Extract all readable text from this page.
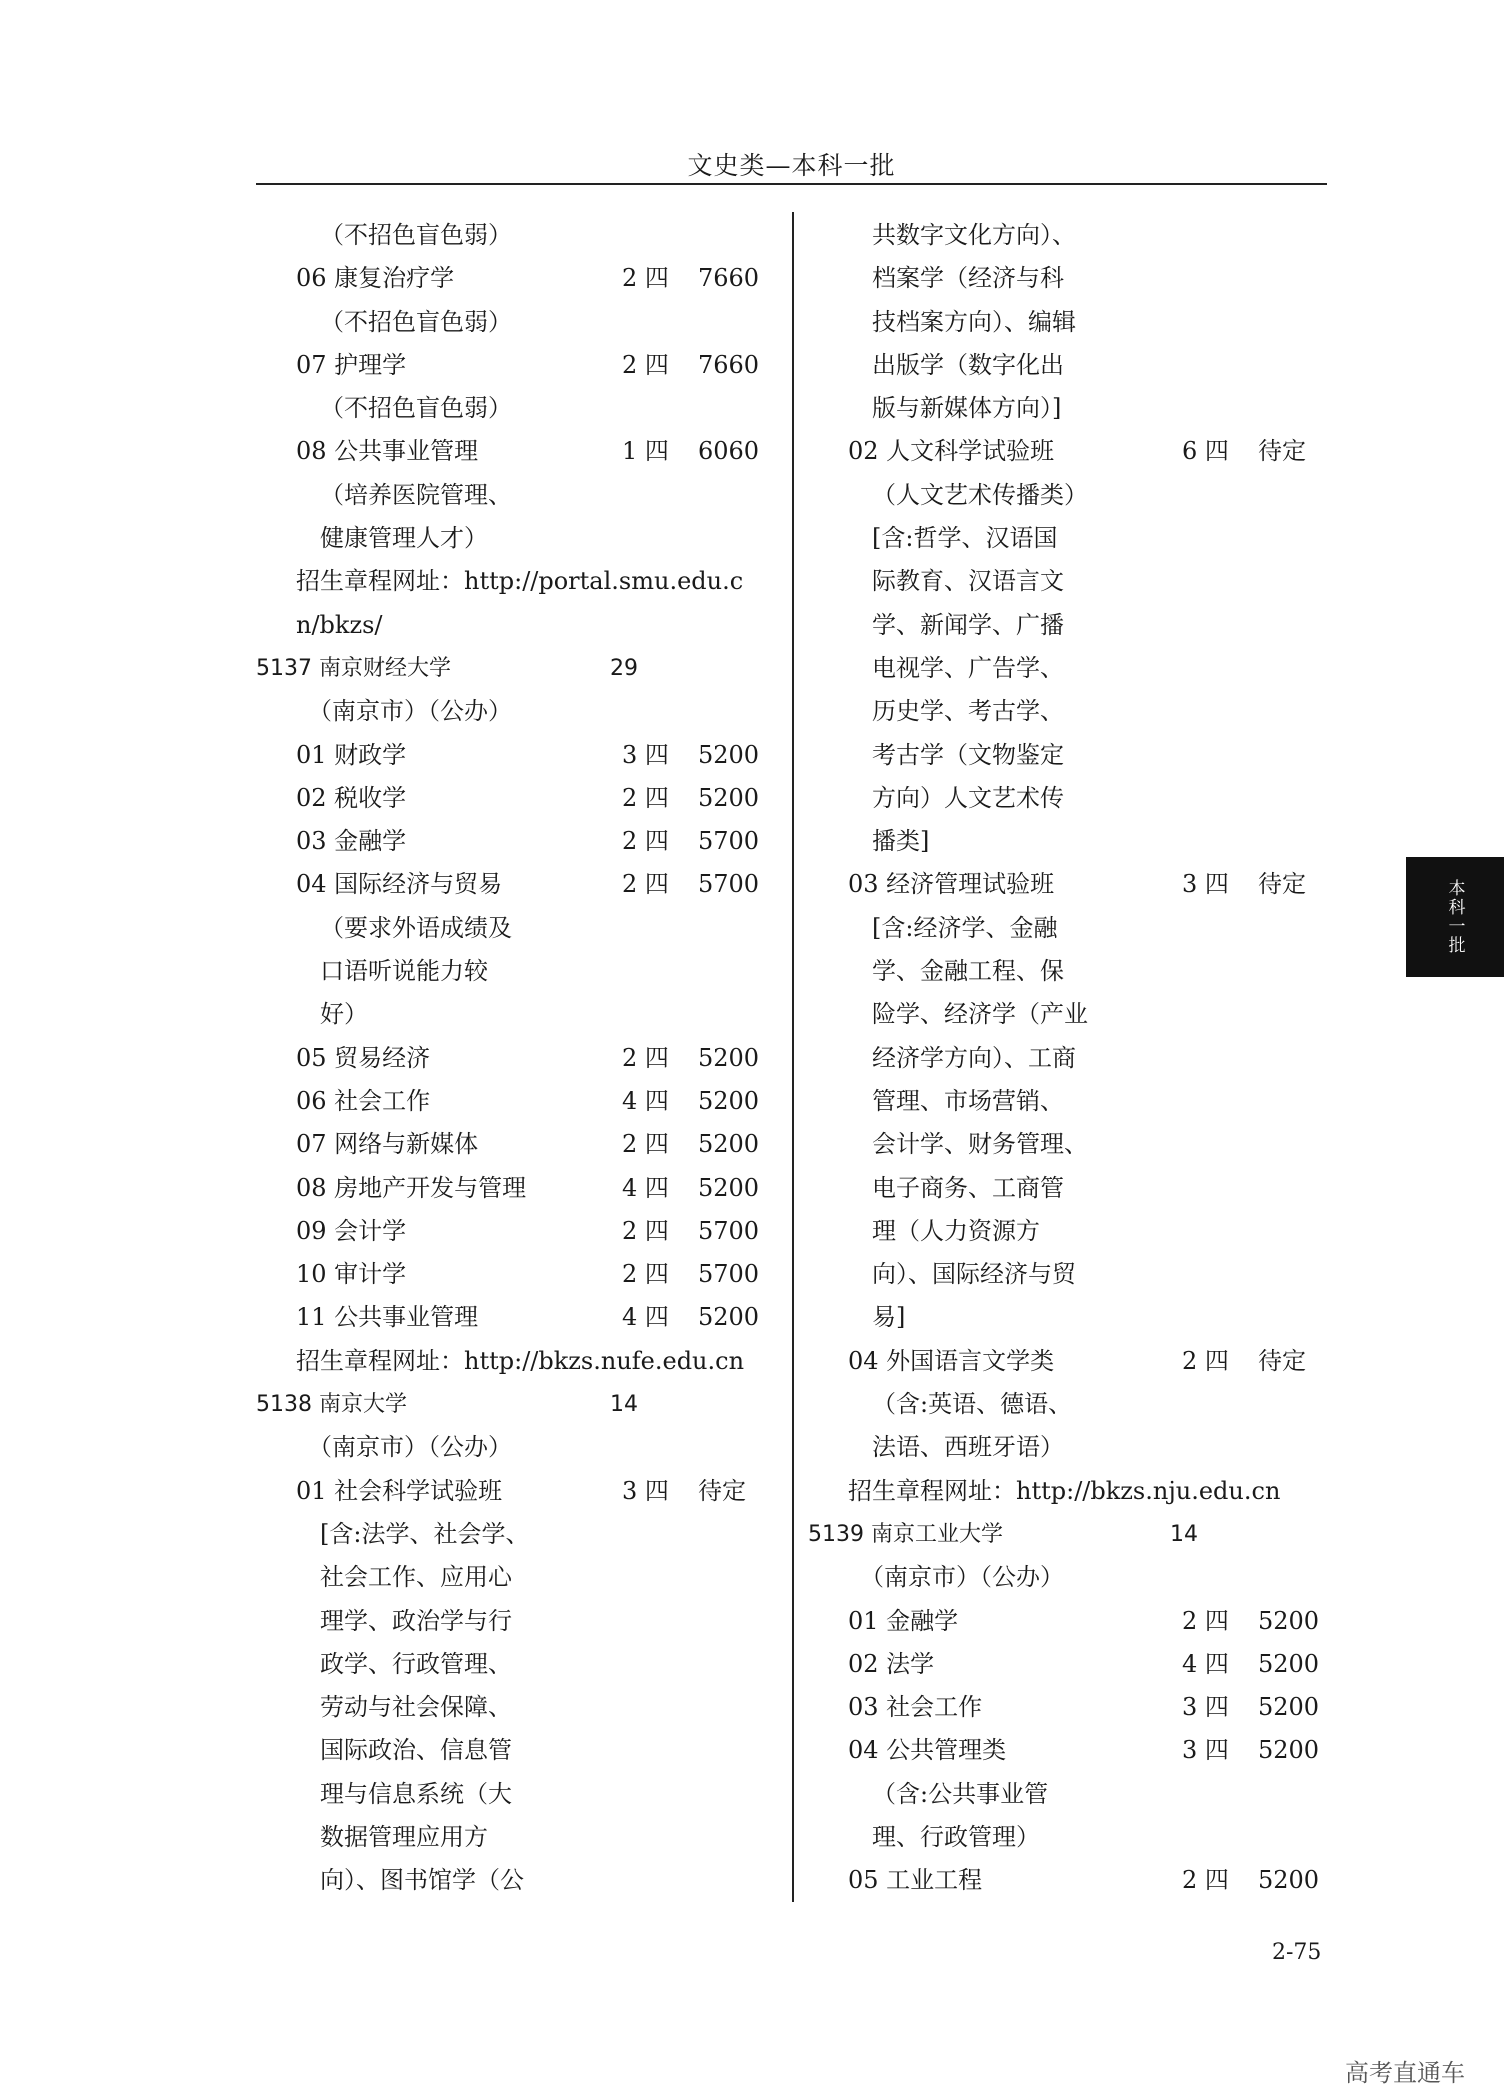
文史类—本科一批
（不招色盲色弱）
06 康复治疗学	2 四 7660
（不招色盲色弱）
07 护理学	2 四 7660
（不招色盲色弱）
08 公共事业管理	1 四 6060
（培养医院管理、
健康管理人才）
招生章程网址：http://portal.smu.edu.c
n/bkzs/
5137 南京财经大学	29
（南京市）（公办）
01 财政学	3 四 5200
02 税收学	2 四 5200
03 金融学	2 四 5700
04 国际经济与贸易	2 四 5700
（要求外语成绩及
口语听说能力较
好）
05 贸易经济	2 四 5200
06 社会工作	4 四 5200
07 网络与新媒体	2 四 5200
08 房地产开发与管理	4 四 5200
09 会计学	2 四 5700
10 审计学	2 四 5700
11 公共事业管理	4 四 5200
招生章程网址：http://bkzs.nufe.edu.cn
5138 南京大学	14
（南京市）（公办）
01 社会科学试验班	3 四 待定
[含:法学、社会学、
社会工作、应用心
理学、政治学与行
政学、行政管理、
劳动与社会保障、
国际政治、信息管
理与信息系统（大
数据管理应用方
向）、图书馆学（公
共数字文化方向）、
档案学（经济与科
技档案方向）、编辑
出版学（数字化出
版与新媒体方向）]
02 人文科学试验班	6 四 待定
（人文艺术传播类）
[含:哲学、汉语国
际教育、汉语言文
学、新闻学、广播
电视学、广告学、
历史学、考古学、
考古学（文物鉴定
方向）人文艺术传
播类]
03 经济管理试验班	3 四 待定
[含:经济学、金融
学、金融工程、保
险学、经济学（产业
经济学方向）、工商
管理、市场营销、
会计学、财务管理、
电子商务、工商管
理（人力资源方
向）、国际经济与贸
易]
04 外国语言文学类	2 四 待定
（含:英语、德语、
法语、西班牙语）
招生章程网址：http://bkzs.nju.edu.cn
5139 南京工业大学	14
（南京市）（公办）
01 金融学	2 四 5200
02 法学	4 四 5200
03 社会工作	3 四 5200
04 公共管理类	3 四 5200
（含:公共事业管
理、行政管理）
05 工业工程	2 四 5200
本科一批
2-75
高考直通车
